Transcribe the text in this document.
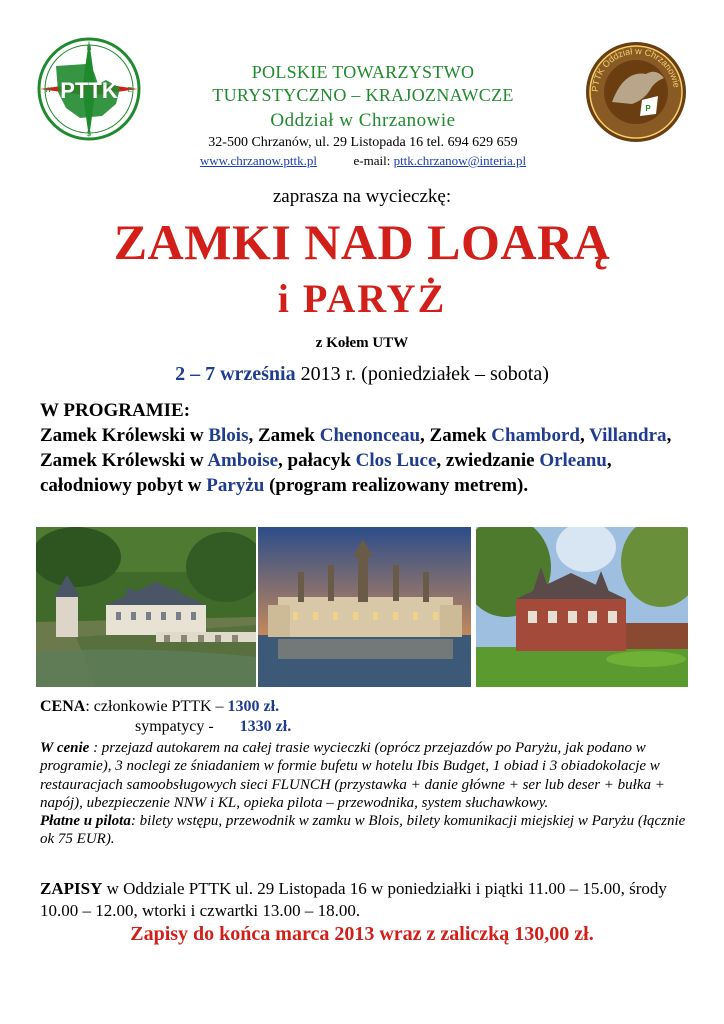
PTTK
N
S
E
W
P
PTTK Oddział w Chrzanowie
POLSKIE TOWARZYSTWO
TURYSTYCZNO – KRAJOZNAWCZE
Oddział w Chrzanowie
32-500 Chrzanów, ul. 29 Listopada 16 tel. 694 629 659
www.chrzanow.pttk.pl	e-mail: pttk.chrzanow@interia.pl
zaprasza na wycieczkę:
ZAMKI NAD LOARĄ
i PARYŻ
z Kołem UTW
2 – 7 września 2013 r. (poniedziałek – sobota)
W PROGRAMIE:
Zamek Królewski w Blois, Zamek Chenonceau, Zamek Chambord, Villandra, Zamek Królewski w Amboise, pałacyk Clos Luce, zwiedzanie Orleanu, całodniowy pobyt w Paryżu (program realizowany metrem).
CENA: członkowie PTTK – 1300 zł.
sympatycy - 1330 zł.
W cenie : przejazd autokarem na całej trasie wycieczki (oprócz przejazdów po Paryżu, jak podano w programie), 3 noclegi ze śniadaniem w formie bufetu w hotelu Ibis Budget, 1 obiad i 3 obiadokolacje w restauracjach samoobsługowych sieci FLUNCH (przystawka + danie główne + ser lub deser + bułka + napój), ubezpieczenie NNW i KL, opieka pilota – przewodnika, system słuchawkowy.
Płatne u pilota: bilety wstępu, przewodnik w zamku w Blois, bilety komunikacji miejskiej w Paryżu (łącznie ok 75 EUR).
ZAPISY w Oddziale PTTK ul. 29 Listopada 16 w poniedziałki i piątki 11.00 – 15.00, środy 10.00 – 12.00, wtorki i czwartki 13.00 – 18.00.
Zapisy do końca marca 2013 wraz z zaliczką 130,00 zł.
